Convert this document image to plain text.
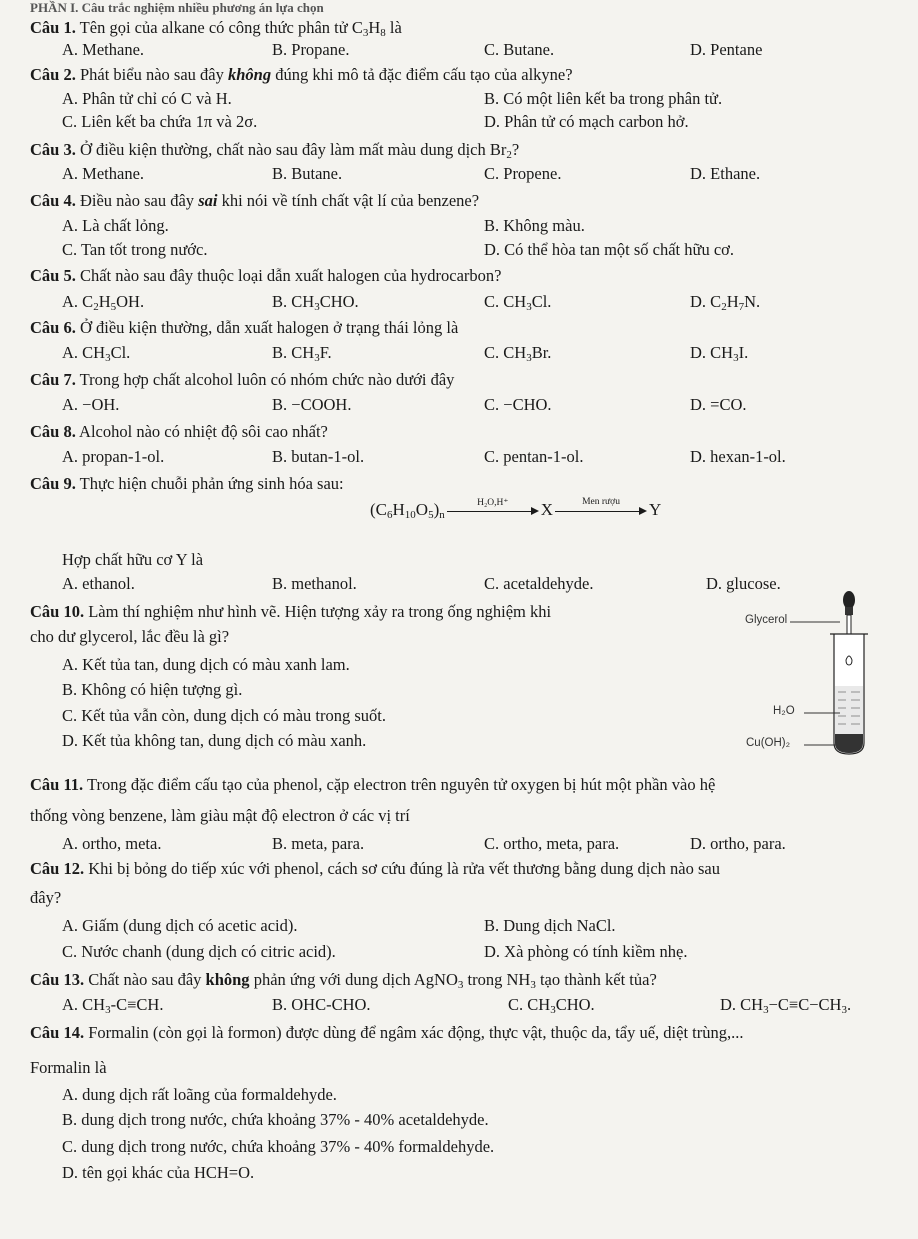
PHẦN I. Câu trắc nghiệm nhiều phương án lựa chọn
Câu 1. Tên gọi của alkane có công thức phân tử $C_3H_8$ là
A. Methane.	B. Propane.	C. Butane.	D. Pentane
Câu 2. Phát biểu nào sau đây không đúng khi mô tả đặc điểm cấu tạo của alkyne?
A. Phân tử chỉ có C và H.	B. Có một liên kết ba trong phân tử.
C. Liên kết ba chứa 1π và 2σ.	D. Phân tử có mạch carbon hở.
Câu 3. Ở điều kiện thường, chất nào sau đây làm mất màu dung dịch $Br_2$?
A. Methane.	B. Butane.	C. Propene.	D. Ethane.
Câu 4. Điều nào sau đây sai khi nói về tính chất vật lí của benzene?
A. Là chất lỏng.	B. Không màu.
C. Tan tốt trong nước.	D. Có thể hòa tan một số chất hữu cơ.
Câu 5. Chất nào sau đây thuộc loại dẫn xuất halogen của hydrocarbon?
A. $C_2H_5OH$.	B. $CH_3CHO$.	C. $CH_3Cl$.	D. $C_2H_7N$.
Câu 6. Ở điều kiện thường, dẫn xuất halogen ở trạng thái lỏng là
A. $CH_3Cl$.	B. $CH_3F$.	C. $CH_3Br$.	D. $CH_3I$.
Câu 7. Trong hợp chất alcohol luôn có nhóm chức nào dưới đây
A. −OH.	B. −COOH.	C. −CHO.	D. =CO.
Câu 8. Alcohol nào có nhiệt độ sôi cao nhất?
A. propan-1-ol.	B. butan-1-ol.	C. pentan-1-ol.	D. hexan-1-ol.
Câu 9. Thực hiện chuỗi phản ứng sinh hóa sau:
$(C_6H_{10}O_5)_n$
H₂O,H⁺	X	Men rượu	Y
Hợp chất hữu cơ Y là
A. ethanol.	B. methanol.	C. acetaldehyde.	D. glucose.
Câu 10. Làm thí nghiệm như hình vẽ. Hiện tượng xảy ra trong ống nghiệm khi
cho dư glycerol, lắc đều là gì?
A. Kết tủa tan, dung dịch có màu xanh lam.
B. Không có hiện tượng gì.
C. Kết tủa vẫn còn, dung dịch có màu trong suốt.
D. Kết tủa không tan, dung dịch có màu xanh.
Glycerol
H₂O
Cu(OH)₂
Câu 11. Trong đặc điểm cấu tạo của phenol, cặp electron trên nguyên tử oxygen bị hút một phần vào hệ
thống vòng benzene, làm giàu mật độ electron ở các vị trí
A. ortho, meta.	B. meta, para.	C. ortho, meta, para.	D. ortho, para.
Câu 12. Khi bị bỏng do tiếp xúc với phenol, cách sơ cứu đúng là rửa vết thương bằng dung dịch nào sau
đây?
A. Giấm (dung dịch có acetic acid).	B. Dung dịch NaCl.
C. Nước chanh (dung dịch có citric acid).	D. Xà phòng có tính kiềm nhẹ.
Câu 13. Chất nào sau đây không phản ứng với dung dịch AgNO$_3$ trong $NH_3$ tạo thành kết tủa?
A. $CH_3-C\equiv CH$.	B. OHC-CHO.	C. $CH_3CHO$.	D. $CH_3-C\equiv C-CH_3$.
Câu 14. Formalin (còn gọi là formon) được dùng để ngâm xác động, thực vật, thuộc da, tẩy uế, diệt trùng,...
Formalin là
A. dung dịch rất loãng của formaldehyde.
B. dung dịch trong nước, chứa khoảng 37% - 40% acetaldehyde.
C. dung dịch trong nước, chứa khoảng 37% - 40% formaldehyde.
D. tên gọi khác của HCH=O.
